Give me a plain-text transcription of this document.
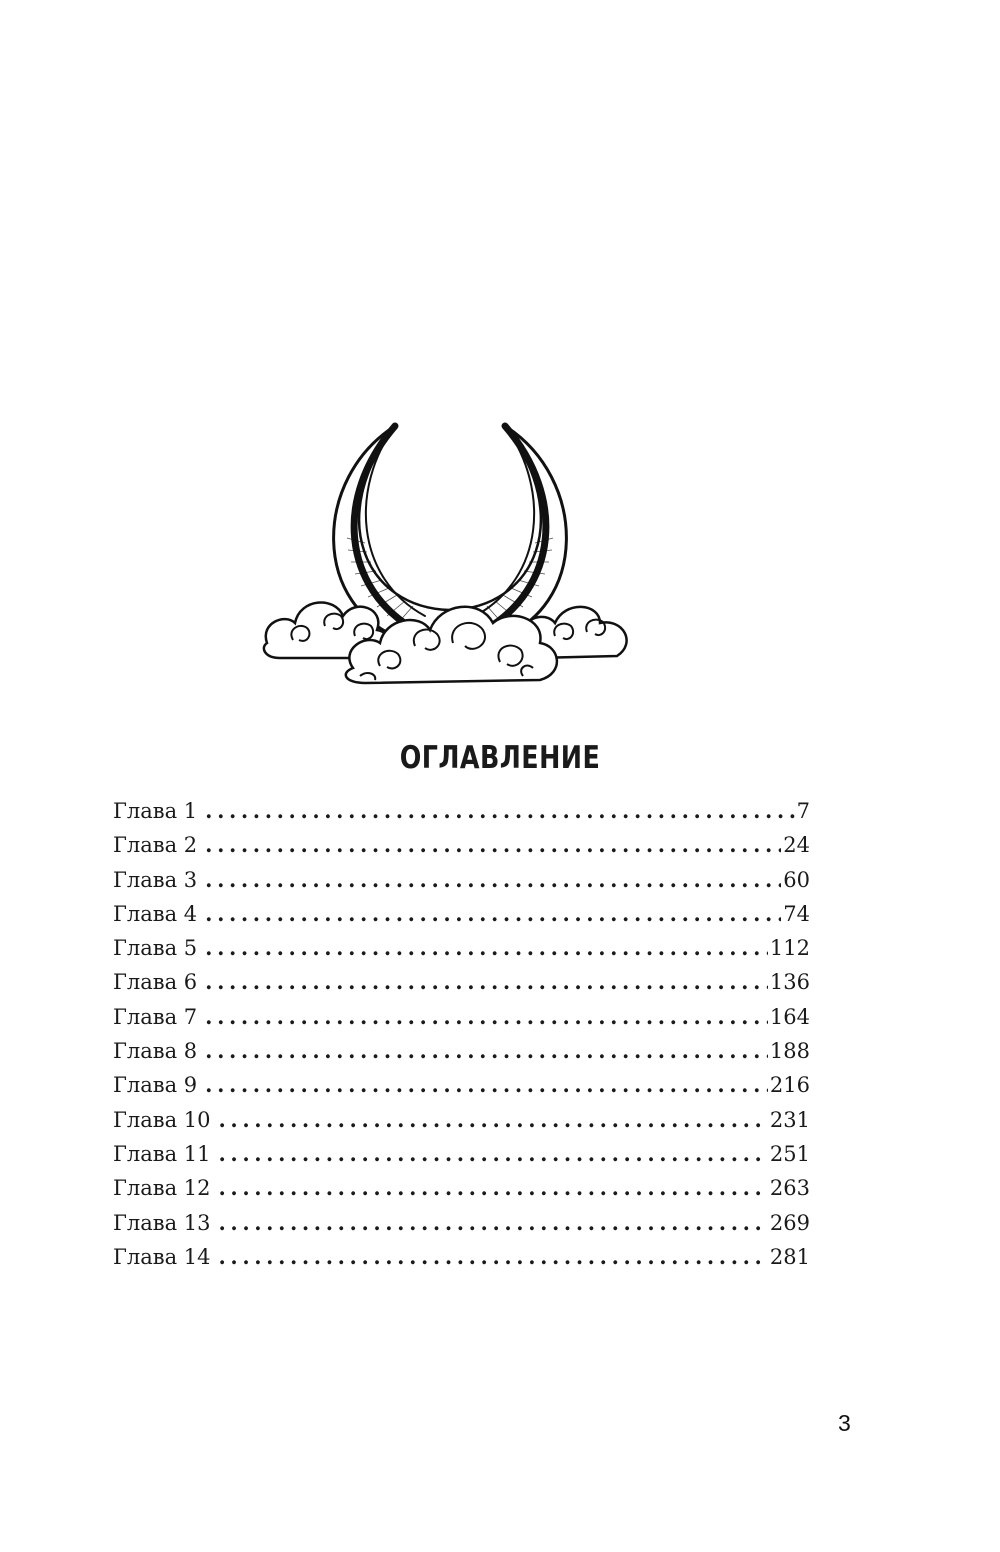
ОГЛАВЛЕНИЕ
Глава 1 .....	7
Глава 2 .....	24
Глава 3 .....	60
Глава 4 .....	74
Глава 5 .....	112
Глава 6 .....	136
Глава 7 .....	164
Глава 8 .....	188
Глава 9 .....	216
Глава 10 .....	231
Глава 11 .....	251
Глава 12 .....	263
Глава 13 .....	269
Глава 14 .....	281
3
